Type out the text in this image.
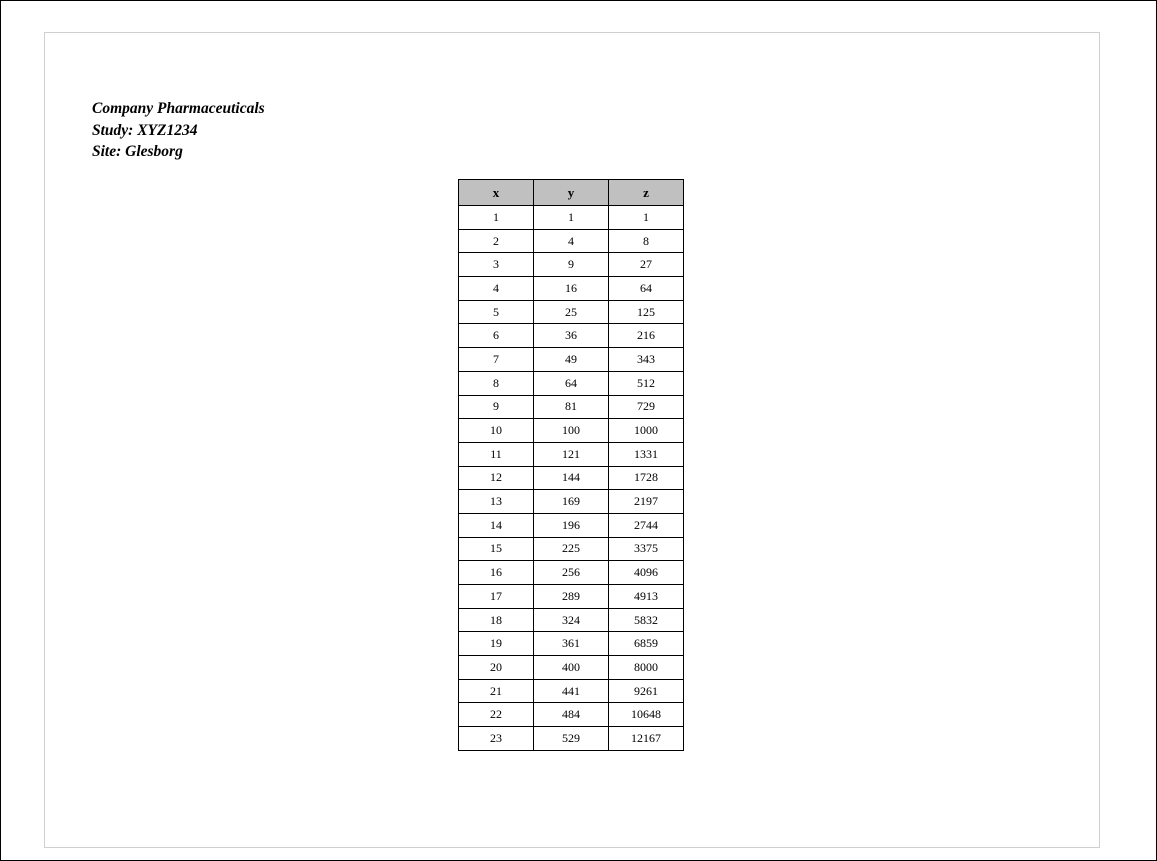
Company Pharmaceuticals
Study: XYZ1234
Site: Glesborg
x	y	z
1	1	1
2	4	8
3	9	27
4	16	64
5	25	125
6	36	216
7	49	343
8	64	512
9	81	729
10	100	1000
11	121	1331
12	144	1728
13	169	2197
14	196	2744
15	225	3375
16	256	4096
17	289	4913
18	324	5832
19	361	6859
20	400	8000
21	441	9261
22	484	10648
23	529	12167
